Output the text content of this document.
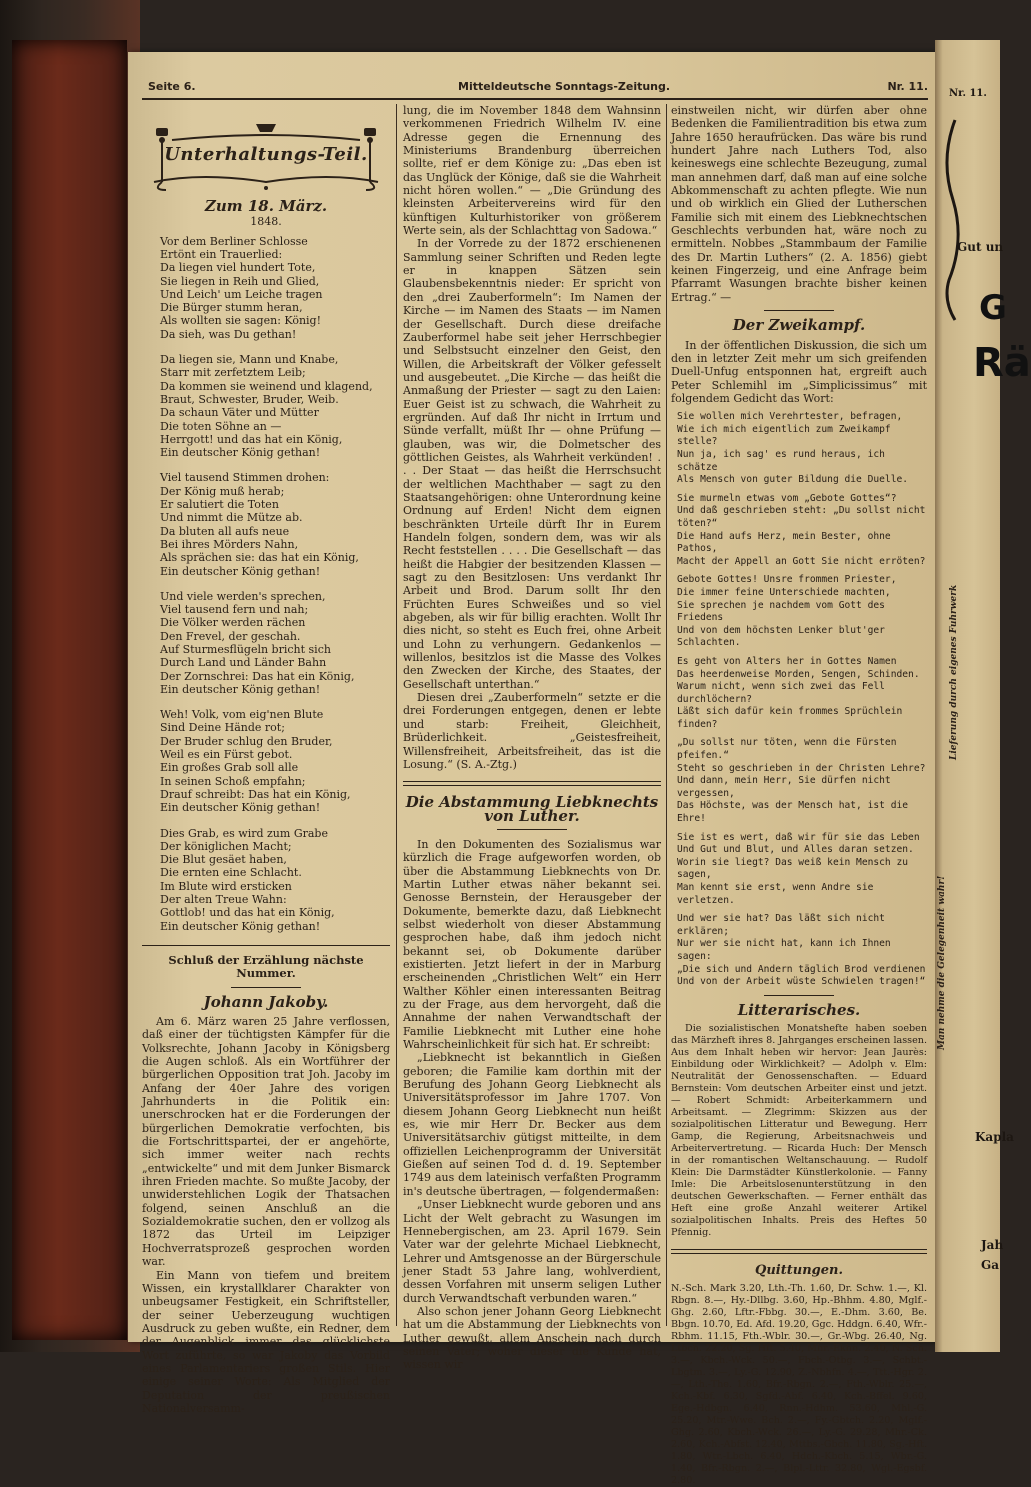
Seite 6.	Mitteldeutsche Sonntags-Zeitung.	Nr. 11.
Unterhaltungs-Teil.
Zum 18. März.
1848.
Vor dem Berliner Schlosse
Ertönt ein Trauerlied:
Da liegen viel hundert Tote,
Sie liegen in Reih und Glied,
Und Leich' um Leiche tragen
Die Bürger stumm heran,
Als wollten sie sagen: König!
Da sieh, was Du gethan!
Da liegen sie, Mann und Knabe,
Starr mit zerfetztem Leib;
Da kommen sie weinend und klagend,
Braut, Schwester, Bruder, Weib.
Da schaun Väter und Mütter
Die toten Söhne an —
Herrgott! und das hat ein König,
Ein deutscher König gethan!
Viel tausend Stimmen drohen:
Der König muß herab;
Er salutiert die Toten
Und nimmt die Mütze ab.
Da bluten all aufs neue
Bei ihres Mörders Nahn,
Als sprächen sie: das hat ein König,
Ein deutscher König gethan!
Und viele werden's sprechen,
Viel tausend fern und nah;
Die Völker werden rächen
Den Frevel, der geschah.
Auf Sturmesflügeln bricht sich
Durch Land und Länder Bahn
Der Zornschrei: Das hat ein König,
Ein deutscher König gethan!
Weh! Volk, vom eig'nen Blute
Sind Deine Hände rot;
Der Bruder schlug den Bruder,
Weil es ein Fürst gebot.
Ein großes Grab soll alle
In seinen Schoß empfahn;
Drauf schreibt: Das hat ein König,
Ein deutscher König gethan!
Dies Grab, es wird zum Grabe
Der königlichen Macht;
Die Blut gesäet haben,
Die ernten eine Schlacht.
Im Blute wird ersticken
Der alten Treue Wahn:
Gottlob! und das hat ein König,
Ein deutscher König gethan!
Schluß der Erzählung nächste Nummer.
Johann Jakoby.

Am 6. März waren 25 Jahre verflossen, daß einer der tüchtigsten Kämpfer für die Volksrechte, Johann Jacoby in Königsberg die Augen schloß. Als ein Wortführer der bürgerlichen Opposition trat Joh. Jacoby im Anfang der 40er Jahre des vorigen Jahrhunderts in die Politik ein: unerschrocken hat er die Forderungen der bürgerlichen Demokratie verfochten, bis die Fortschrittspartei, der er angehörte, sich immer weiter nach rechts „entwickelte“ und mit dem Junker Bismarck ihren Frieden machte. So mußte Jacoby, der unwiderstehlichen Logik der Thatsachen folgend, seinen Anschluß an die Sozialdemokratie suchen, den er vollzog als 1872 das Urteil im Leipziger Hochverratsprozeß gesprochen worden war.

Ein Mann von tiefem und breitem Wissen, ein krystallklarer Charakter von unbeugsamer Festigkeit, ein Schriftsteller, der seiner Ueberzeugung wuchtigen Ausdruck zu geben wußte, ein Redner, dem der Augenblick immer das glücklichste Wort zuführte, so war Jakoby das Vorbild eines Parlamentariers großen Stils. Hier einige seiner Worte: Als Mitglied der Deputation der preußischen Nationalversamm-

lung, die im November 1848 dem Wahnsinn verkommenen Friedrich Wilhelm IV. eine Adresse gegen die Ernennung des Ministeriums Brandenburg überreichen sollte, rief er dem Könige zu: „Das eben ist das Unglück der Könige, daß sie die Wahrheit nicht hören wollen.“ — „Die Gründung des kleinsten Arbeitervereins wird für den künftigen Kulturhistoriker von größerem Werte sein, als der Schlachttag von Sadowa.“

In der Vorrede zu der 1872 erschienenen Sammlung seiner Schriften und Reden legte er in knappen Sätzen sein Glaubensbekenntnis nieder: Er spricht von den „drei Zauberformeln“: Im Namen der Kirche — im Namen des Staats — im Namen der Gesellschaft. Durch diese dreifache Zauberformel habe seit jeher Herrschbegier und Selbstsucht einzelner den Geist, den Willen, die Arbeitskraft der Völker gefesselt und ausgebeutet. „Die Kirche — das heißt die Anmaßung der Priester — sagt zu den Laien: Euer Geist ist zu schwach, die Wahrheit zu ergründen. Auf daß Ihr nicht in Irrtum und Sünde verfallt, müßt Ihr — ohne Prüfung — glauben, was wir, die Dolmetscher des göttlichen Geistes, als Wahrheit verkünden! . . . Der Staat — das heißt die Herrschsucht der weltlichen Machthaber — sagt zu den Staatsangehörigen: ohne Unterordnung keine Ordnung auf Erden! Nicht dem eignen beschränkten Urteile dürft Ihr in Eurem Handeln folgen, sondern dem, was wir als Recht feststellen . . . . Die Gesellschaft — das heißt die Habgier der besitzenden Klassen — sagt zu den Besitzlosen: Uns verdankt Ihr Arbeit und Brod. Darum sollt Ihr den Früchten Eures Schweißes und so viel abgeben, als wir für billig erachten. Wollt Ihr dies nicht, so steht es Euch frei, ohne Arbeit und Lohn zu verhungern. Gedankenlos — willenlos, besitzlos ist die Masse des Volkes den Zwecken der Kirche, des Staates, der Gesellschaft unterthan.“

Diesen drei „Zauberformeln“ setzte er die drei Forderungen entgegen, denen er lebte und starb: Freiheit, Gleichheit, Brüderlichkeit. „Geistesfreiheit, Willensfreiheit, Arbeitsfreiheit, das ist die Losung.“ (S. A.-Ztg.)

Die Abstammung Liebknechts von Luther.

In den Dokumenten des Sozialismus war kürzlich die Frage aufgeworfen worden, ob über die Abstammung Liebknechts von Dr. Martin Luther etwas näher bekannt sei. Genosse Bernstein, der Herausgeber der Dokumente, bemerkte dazu, daß Liebknecht selbst wiederholt von dieser Abstammung gesprochen habe, daß ihm jedoch nicht bekannt sei, ob Dokumente darüber existierten. Jetzt liefert in der in Marburg erscheinenden „Christlichen Welt“ ein Herr Walther Köhler einen interessanten Beitrag zu der Frage, aus dem hervorgeht, daß die Annahme der nahen Verwandtschaft der Familie Liebknecht mit Luther eine hohe Wahrscheinlichkeit für sich hat. Er schreibt:

„Liebknecht ist bekanntlich in Gießen geboren; die Familie kam dorthin mit der Berufung des Johann Georg Liebknecht als Universitätsprofessor im Jahre 1707. Von diesem Johann Georg Liebknecht nun heißt es, wie mir Herr Dr. Becker aus dem Universitätsarchiv gütigst mitteilte, in dem offiziellen Leichenprogramm der Universität Gießen auf seinen Tod d. d. 19. September 1749 aus dem lateinisch verfaßten Programm in's deutsche übertragen, — folgendermaßen:

„Unser Liebknecht wurde geboren und ans Licht der Welt gebracht zu Wasungen im Hennebergischen, am 23. April 1679. Sein Vater war der gelehrte Michael Liebknecht, Lehrer und Amtsgenosse an der Bürgerschule jener Stadt 53 Jahre lang, wohlverdient, dessen Vorfahren mit unserm seligen Luther durch Verwandtschaft verbunden waren.“

Also schon jener Johann Georg Liebknecht hat um die Abstammung der Liebknechts von Luther gewußt, allem Anschein nach durch seinen Vater; woher dieser die Kunde hat, wissen wir

einstweilen nicht, wir dürfen aber ohne Bedenken die Familientradition bis etwa zum Jahre 1650 heraufrücken. Das wäre bis rund hundert Jahre nach Luthers Tod, also keineswegs eine schlechte Bezeugung, zumal man annehmen darf, daß man auf eine solche Abkommenschaft zu achten pflegte. Wie nun und ob wirklich ein Glied der Lutherschen Familie sich mit einem des Liebknechtschen Geschlechts verbunden hat, wäre noch zu ermitteln. Nobbes „Stammbaum der Familie des Dr. Martin Luthers“ (2. A. 1856) giebt keinen Fingerzeig, und eine Anfrage beim Pfarramt Wasungen brachte bisher keinen Ertrag.“ —

Der Zweikampf.

In der öffentlichen Diskussion, die sich um den in letzter Zeit mehr um sich greifenden Duell-Unfug entsponnen hat, ergreift auch Peter Schlemihl im „Simplicissimus“ mit folgendem Gedicht das Wort:

Sie wollen mich Verehrtester, befragen,
Wie ich mich eigentlich zum Zweikampf stelle?
Nun ja, ich sag' es rund heraus, ich schätze
Als Mensch von guter Bildung die Duelle.
Sie murmeln etwas vom „Gebote Gottes“?
Und daß geschrieben steht: „Du sollst nicht töten?“
Die Hand aufs Herz, mein Bester, ohne Pathos,
Macht der Appell an Gott Sie nicht erröten?
Gebote Gottes! Unsre frommen Priester,
Die immer feine Unterschiede machten,
Sie sprechen je nachdem vom Gott des Friedens
Und von dem höchsten Lenker blut'ger Schlachten.
Es geht von Alters her in Gottes Namen
Das heerdenweise Morden, Sengen, Schinden.
Warum nicht, wenn sich zwei das Fell durchlöchern?
Läßt sich dafür kein frommes Sprüchlein finden?
„Du sollst nur töten, wenn die Fürsten pfeifen.“
Steht so geschrieben in der Christen Lehre?
Und dann, mein Herr, Sie dürfen nicht vergessen,
Das Höchste, was der Mensch hat, ist die Ehre!
Sie ist es wert, daß wir für sie das Leben
Und Gut und Blut, und Alles daran setzen.
Worin sie liegt? Das weiß kein Mensch zu sagen,
Man kennt sie erst, wenn Andre sie verletzen.
Und wer sie hat? Das läßt sich nicht erklären;
Nur wer sie nicht hat, kann ich Ihnen sagen:
„Die sich und Andern täglich Brod verdienen
Und von der Arbeit wüste Schwielen tragen!“
Litterarisches.

Die sozialistischen Monatshefte haben soeben das Märzheft ihres 8. Jahrganges erscheinen lassen. Aus dem Inhalt heben wir hervor: Jean Jaurès: Einbildung oder Wirklichkeit? — Adolph v. Elm: Neutralität der Genossenschaften. — Eduard Bernstein: Vom deutschen Arbeiter einst und jetzt. — Robert Schmidt: Arbeiterkammern und Arbeitsamt. — Zlegrimm: Skizzen aus der sozialpolitischen Litteratur und Bewegung. Herr Gamp, die Regierung, Arbeitsnachweis und Arbeitervertretung. — Ricarda Huch: Der Mensch in der romantischen Weltanschauung. — Rudolf Klein: Die Darmstädter Künstlerkolonie. — Fanny Imle: Die Arbeitslosenunterstützung in den deutschen Gewerkschaften. — Ferner enthält das Heft eine große Anzahl weiterer Artikel sozialpolitischen Inhalts. Preis des Heftes 50 Pfennig.

Quittungen.

N.-Sch. Mark 3.20, Lth.-Th. 1.60, Dr. Schw. 1.—, Kl. Rbgn. 8.—, Hy.-Dllbg. 3.60, Hp.-Bhhm. 4.80, Mglf.-Ghg. 2.60, Lftr.-Fbbg. 30.—, E.-Dhm. 3.60, Be. Bbgn. 10.70, Ed. Afd. 19.20, Ggc. Hddgn. 6.40, Wfr.-Rbhm. 11.15, Fth.-Wblr. 30.—, Gr.-Wbg. 26.40, Ng. Ltbch. 22.20, Sg. Hft. 5.40, Mhr.-Ekhn. 2.40, N. Sch. 3.—, Kbch.-Wck. 50.—, Fbch.-Otbg. 3.—, Schbt.-Lbgtm. 3.—, Ly.-G. 12.90, Z.-Nbhfn. 4.—, Ttt.-Hgr. 2.—, Lth.-The. 1.60, Bfr.-Rbgn. 2.—, Fth.-Wblr. 25.—, Kch.-Kbf. 6.30, Sgfd.-Abf. 6.40, Kch.-Bffel. 9.60, Ege.-Hdbgn. 6.40, Rnn.-Hdhm. 53.60, Mhl.-G. 25.20, Mtr.-Wwe. Bch. 2.—, Fy.-Gbtch. 2.20, Mglf.-Ghg. 2.60, Kbch.-Wck. 26.—, Ly.-G. 29.28, Mhr.-Ck. 2.60, Kch.-Abfst. 12.40, Mttbs.-Gbch. 11.80, Sg.-Hft. 1.80, Wtr.-Lbch. 6.40, Hdch.-Kbch. 5.15, Wbr.-G. 1.40, Bfr.-Rbgn. 2.—, Blpl.-Lttr. 32.80, Wgl.-Egsbf. 2.80.

Nr. 11.
Gut un
G
Rä
Lieferung durch eigenes Fuhrwerk
Man nehme die Gelegenheit wahr!
Kapla
Jah
Ga
